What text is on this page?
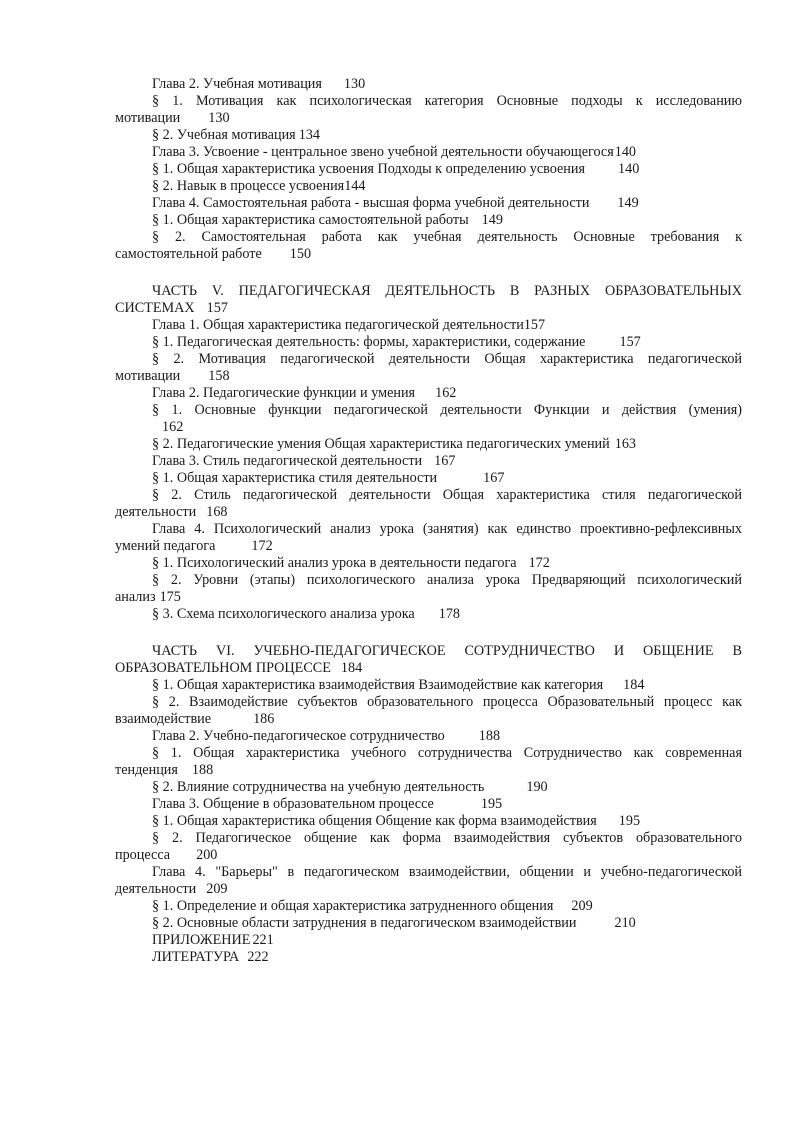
Глава 2. Учебная мотивация 130

§ 1. Мотивация как психологическая категория Основные подходы к исследованию

мотивации 130

§ 2. Учебная мотивация 134

Глава 3. Усвоение - центральное звено учебной деятельности обучающегося140

§ 1. Общая характеристика усвоения Подходы к определению усвоения 140

§ 2. Навык в процессе усвоения144

Глава 4. Самостоятельная работа - высшая форма учебной деятельности 149

§ 1. Общая характеристика самостоятельной работы 149

§ 2. Самостоятельная работа как учебная деятельность Основные требования к

самостоятельной работе 150

ЧАСТЬ V. ПЕДАГОГИЧЕСКАЯ ДЕЯТЕЛЬНОСТЬ В РАЗНЫХ ОБРАЗОВАТЕЛЬНЫХ

СИСТЕМАХ 157

Глава 1. Общая характеристика педагогической деятельности157

§ 1. Педагогическая деятельность: формы, характеристики, содержание 157

§ 2. Мотивация педагогической деятельности Общая характеристика педагогической

мотивации 158

Глава 2. Педагогические функции и умения 162

§ 1. Основные функции педагогической деятельности Функции и действия (умения)

162

§ 2. Педагогические умения Общая характеристика педагогических умений 163

Глава 3. Стиль педагогической деятельности 167

§ 1. Общая характеристика стиля деятельности	167

§ 2. Стиль педагогической деятельности Общая характеристика стиля педагогической

деятельности 168

Глава 4. Психологический анализ урока (занятия) как единство проективно-рефлексивных

умений педагога	172

§ 1. Психологический анализ урока в деятельности педагога 172

§ 2. Уровни (этапы) психологического анализа урока Предваряющий психологический

анализ 175

§ 3. Схема психологического анализа урока 178

ЧАСТЬ VI. УЧЕБНО-ПЕДАГОГИЧЕСКОЕ СОТРУДНИЧЕСТВО И ОБЩЕНИЕ В

ОБРАЗОВАТЕЛЬНОМ ПРОЦЕССЕ 184

§ 1. Общая характеристика взаимодействия Взаимодействие как категория 184

§ 2. Взаимодействие субъектов образовательного процесса Образовательный процесс как

взаимодействие	186

Глава 2. Учебно-педагогическое сотрудничество 188

§ 1. Общая характеристика учебного сотрудничества Сотрудничество как современная

тенденция 188

§ 2. Влияние сотрудничества на учебную деятельность	190

Глава 3. Общение в образовательном процессе	195

§ 1. Общая характеристика общения Общение как форма взаимодействия 195

§ 2. Педагогическое общение как форма взаимодействия субъектов образовательного

процесса 200

Глава 4. "Барьеры" в педагогическом взаимодействии, общении и учебно-педагогической

деятельности 209

§ 1. Определение и общая характеристика затрудненного общения 209

§ 2. Основные области затруднения в педагогическом взаимодействии	210

ПРИЛОЖЕНИЕ 221

ЛИТЕРАТУРА 222
